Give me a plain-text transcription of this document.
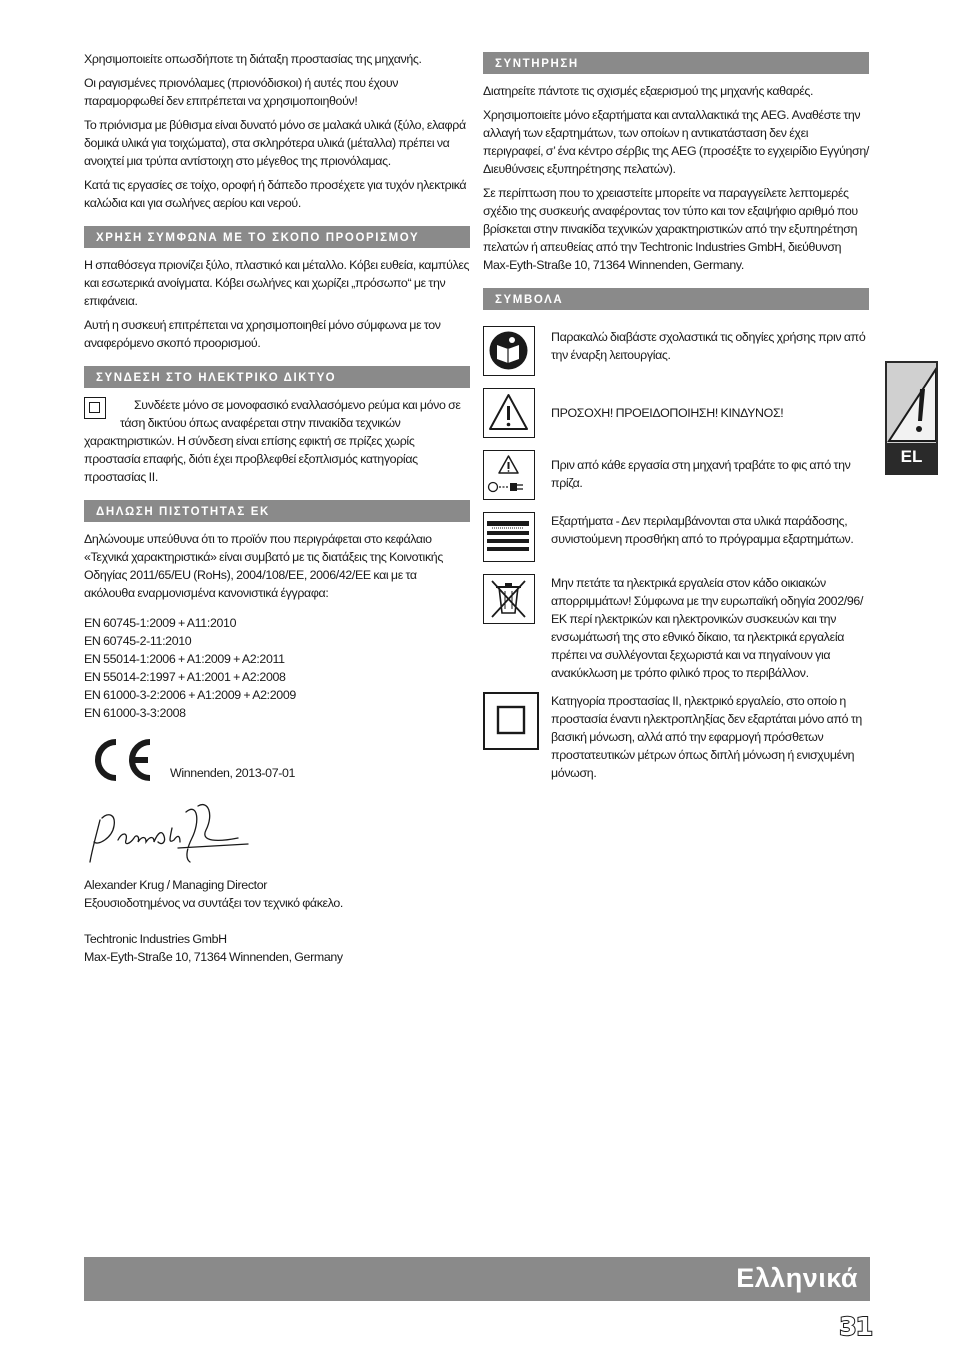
Χρησιμοποιείτε οπωσδήποτε τη διάταξη προστασίας της μηχανής.

Οι ραγισμένες πριονόλαμες (πριονόδισκοι) ή αυτές που έχουν παραμορφωθεί δεν επιτρέπεται να χρησιμοποιηθούν!

Το πριόνισμα με βύθισμα είναι δυνατό μόνο σε μαλακά υλικά (ξύλο, ελαφρά δομικά υλικά για τοιχώματα), στα σκληρότερα υλικά (μέταλλα) πρέπει να ανοιχτεί μια τρύπα αντίστοιχη στο μέγεθος της πριονόλαμας.

Κατά τις εργασίες σε τοίχο, οροφή ή δάπεδο προσέχετε για τυχόν ηλεκτρικά καλώδια και για σωλήνες αερίου και νερού.

ΧΡΗΣΗ ΣΥΜΦΩΝΑ ΜΕ ΤΟ ΣΚΟΠΟ ΠΡΟΟΡΙΣΜΟΥ

Η σπαθόσεγα πριονίζει ξύλο, πλαστικό και μέταλλο. Κόβει ευθεία, καμπύλες και εσωτερικά ανοίγματα. Κόβει σωλήνες και χωρίζει „πρόσωπο“ με την επιφάνεια.

Αυτή η συσκευή επιτρέπεται να χρησιμοποιηθεί μόνο σύμφωνα με τον αναφερόμενο σκοπό προορισμού.

ΣΥΝΔΕΣΗ ΣΤΟ ΗΛΕΚΤΡΙΚΟ ΔΙΚΤΥΟ

Συνδέετε μόνο σε μονοφασικό εναλλασόμενο ρεύμα και μόνο σε τάση δικτύου όπως αναφέρεται στην πινακίδα τεχνικών χαρακτηριστικών. Η σύνδεση είναι επίσης εφικτή σε πρίζες χωρίς προστασία επαφής, διότι έχει προβλεφθεί εξοπλισμός κατηγορίας προστασίας II.

ΔΗΛΩΣΗ ΠΙΣΤΟΤΗΤΑΣ ΕΚ

Δηλώνουμε υπεύθυνα ότι το προϊόν που περιγράφεται στο κεφάλαιο «Τεχνικά χαρακτηριστικά» είναι συμβατό με τις διατάξεις της Κοινοτικής Οδηγίας 2011/65/EU (RoHs), 2004/108/EE, 2006/42/EE και με τα ακόλουθα εναρμονισμένα κανονιστικά έγγραφα:

EN 60745-1:2009 + A11:2010

EN 60745-2-11:2010

EN 55014-1:2006 + A1:2009 + A2:2011

EN 55014-2:1997 + A1:2001 + A2:2008

EN 61000-3-2:2006 + A1:2009 + A2:2009

EN 61000-3-3:2008

Winnenden, 2013-07-01

Alexander Krug / Managing Director

Εξουσιοδοτημένος να συντάξει τον τεχνικό φάκελο.

Techtronic Industries GmbH

Max-Eyth-Straße 10, 71364 Winnenden, Germany

ΣΥΝΤΗΡΗΣΗ

Διατηρείτε πάντοτε τις σχισμές εξαερισμού της μηχανής καθαρές.

Χρησιμοποιείτε μόνο εξαρτήματα και ανταλλακτικά της AEG. Αναθέστε την αλλαγή των εξαρτημάτων, των οποίων η αντικατάσταση δεν έχει περιγραφεί, σ’ ένα κέντρο σέρβις της AEG (προσέξτε το εγχειρίδιο Εγγύηση/Διευθύνσεις εξυπηρέτησης πελατών).

Σε περίπτωση που το χρειαστείτε μπορείτε να παραγγείλετε λεπτομερές σχέδιο της συσκευής αναφέροντας τον τύπο και τον εξαψήφιο αριθμό που βρίσκεται στην πινακίδα τεχνικών χαρακτηριστικών από την εξυπηρέτηση πελατών ή απευθείας από την Techtronic Industries GmbH, διεύθυνση Max-Eyth-Straße 10, 71364 Winnenden, Germany.

ΣΥΜΒΟΛΑ

Παρακαλώ διαβάστε σχολαστικά τις οδηγίες χρήσης πριν από την έναρξη λειτουργίας.

ΠΡΟΣΟΧΗ! ΠΡΟΕΙΔΟΠΟΙΗΣΗ! ΚΙΝΔΥΝΟΣ!

Πριν από κάθε εργασία στη μηχανή τραβάτε το φις από την πρίζα.

Εξαρτήματα - Δεν περιλαμβάνονται στα υλικά παράδοσης, συνιστούμενη προσθήκη από το πρόγραμμα εξαρτημάτων.

Μην πετάτε τα ηλεκτρικά εργαλεία στον κάδο οικιακών απορριμμάτων! Σύμφωνα με την ευρωπαϊκή οδηγία 2002/96/ΕΚ περί ηλεκτρικών και ηλεκτρονικών συσκευών και την ενσωμάτωσή της στο εθνικό δίκαιο, τα ηλεκτρικά εργαλεία πρέπει να συλλέγονται ξεχωριστά και να πηγαίνουν για ανακύκλωση με τρόπο φιλικό προς το περιβάλλον.

Κατηγορία προστασίας II, ηλεκτρικό εργαλείο, στο οποίο η προστασία έναντι ηλεκτροπληξίας δεν εξαρτάται μόνο από τη βασική μόνωση, αλλά από την εφαρμογή πρόσθετων προστατευτικών μέτρων όπως διπλή μόνωση ή ενισχυμένη μόνωση.

EL
Ελληνικά
31
